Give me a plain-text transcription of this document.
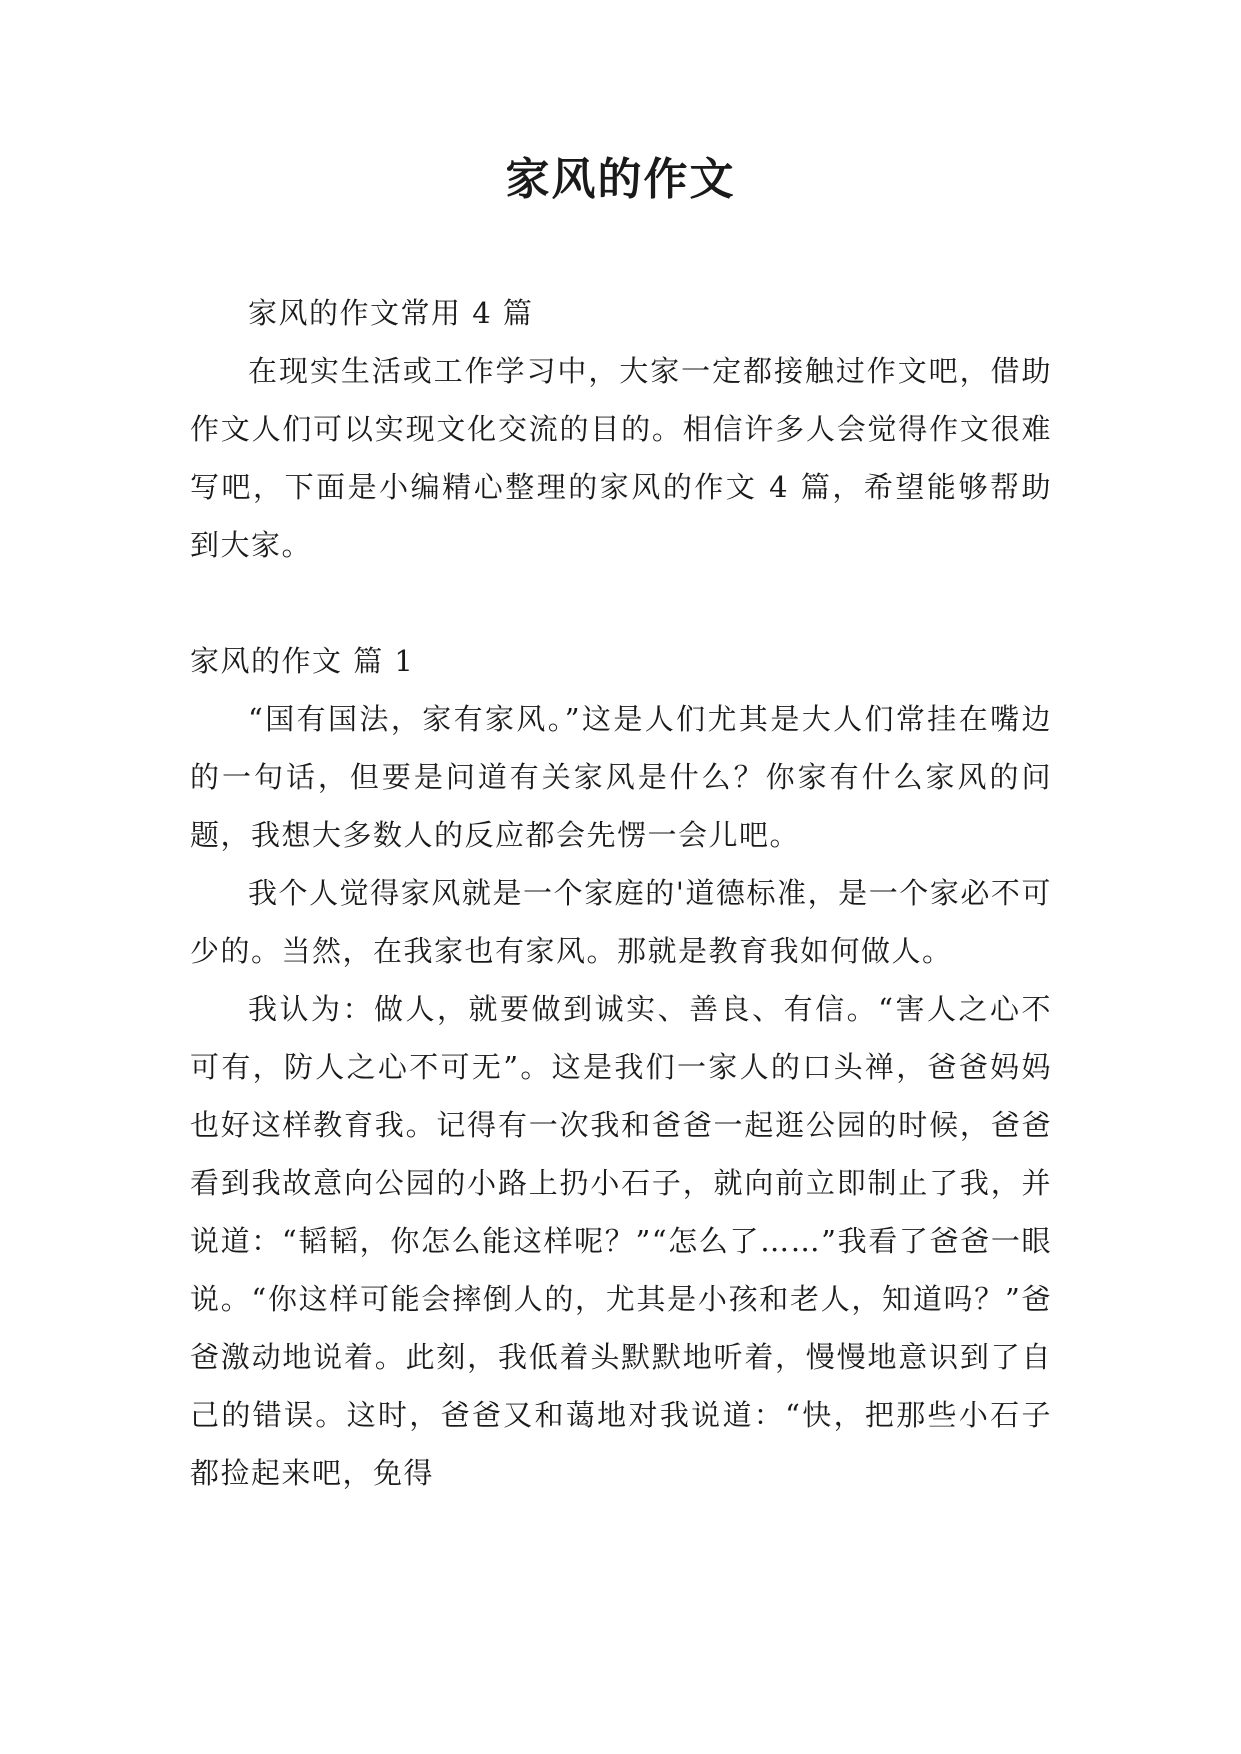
家风的作文

家风的作文常用 4 篇

在现实生活或工作学习中，大家一定都接触过作文吧，借助作文人们可以实现文化交流的目的。相信许多人会觉得作文很难写吧，下面是小编精心整理的家风的作文 4 篇，希望能够帮助到大家。

家风的作文 篇 1

“国有国法，家有家风。”这是人们尤其是大人们常挂在嘴边的一句话，但要是问道有关家风是什么？你家有什么家风的问题，我想大多数人的反应都会先愣一会儿吧。

我个人觉得家风就是一个家庭的'道德标准，是一个家必不可少的。当然，在我家也有家风。那就是教育我如何做人。

我认为：做人，就要做到诚实、善良、有信。“害人之心不可有，防人之心不可无”。这是我们一家人的口头禅，爸爸妈妈也好这样教育我。记得有一次我和爸爸一起逛公园的时候，爸爸看到我故意向公园的小路上扔小石子，就向前立即制止了我，并说道：“韬韬，你怎么能这样呢？”“怎么了……”我看了爸爸一眼说。“你这样可能会摔倒人的，尤其是小孩和老人，知道吗？”爸爸激动地说着。此刻，我低着头默默地听着，慢慢地意识到了自己的错误。这时，爸爸又和蔼地对我说道：“快，把那些小石子都捡起来吧，免得
